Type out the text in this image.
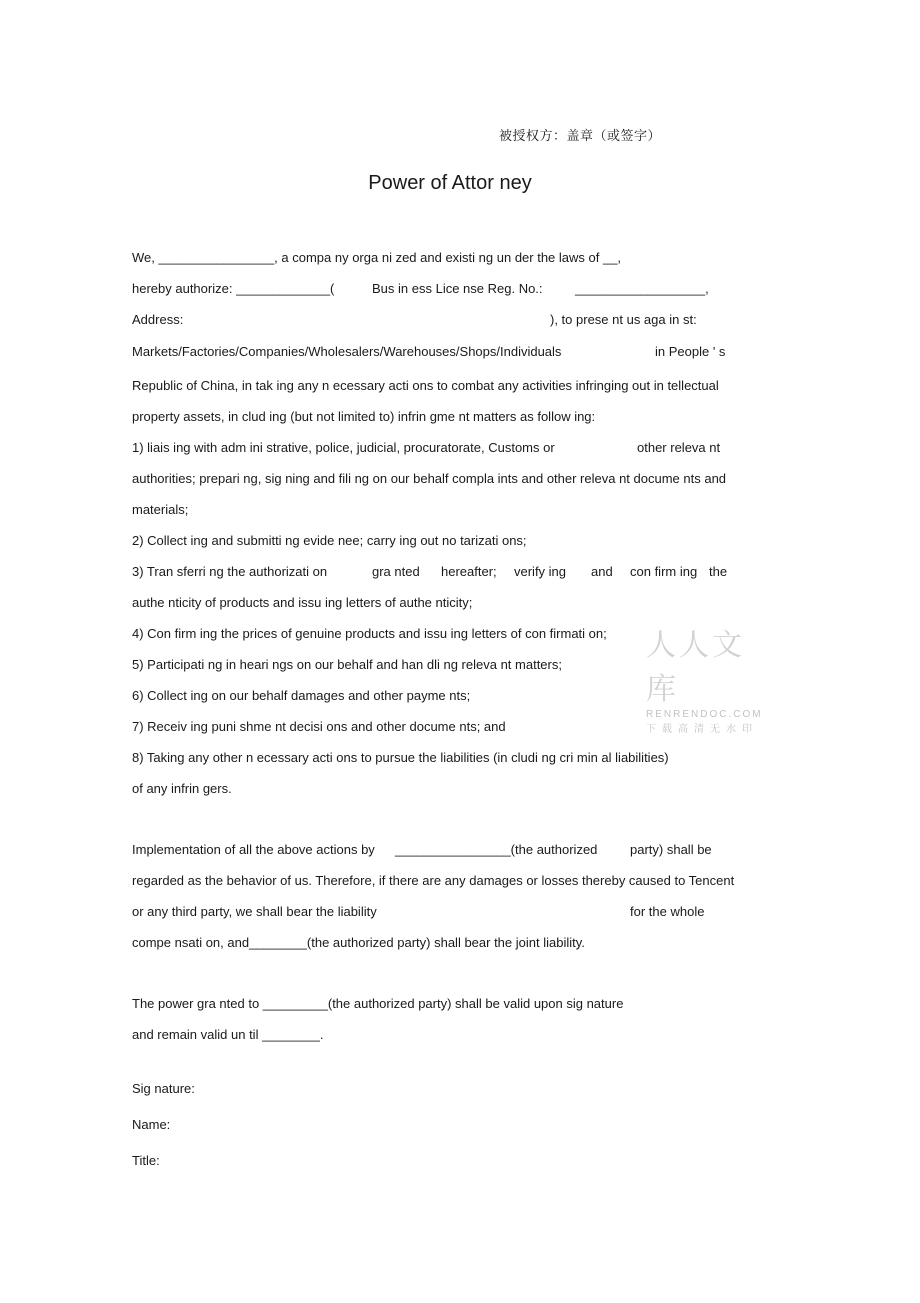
被授权方：盖章（或签字）
Power of Attor ney
We, ________________, a compa ny orga ni zed and existi ng un der the laws of __,
hereby authorize: _____________(	Bus in ess Lice nse Reg. No.: __________________,
Address:	), to prese nt us aga in st:
Markets/Factories/Companies/Wholesalers/Warehouses/Shops/Individuals	in People ' s
Republic of China, in tak ing any n ecessary acti ons to combat any activities infringing out in tellectual
property assets, in clud ing (but not limited to) infrin gme nt matters as follow ing:
1) liais ing with adm ini strative, police, judicial, procuratorate, Customs or	other releva nt
authorities; prepari ng, sig ning and fili ng on our behalf compla ints and other releva nt docume nts and
materials;
2) Collect ing and submitti ng evide nee; carry ing out no tarizati ons;
3) Tran sferri ng the authorizati on	gra nted hereafter; verify ing and con firm ing the
authe nticity of products and issu ing letters of authe nticity;
4) Con firm ing the prices of genuine products and issu ing letters of con firmati on;
5) Participati ng in heari ngs on our behalf and han dli ng releva nt matters;
6) Collect ing on our behalf damages and other payme nts;
7) Receiv ing puni shme nt decisi ons and other docume nts; and
8) Taking any other n ecessary acti ons to pursue the liabilities (in cludi ng cri min al liabilities)
of any infrin gers.
Implementation of all the above actions by ________________(the authorized	party) shall be
regarded as the behavior of us. Therefore, if there are any damages or losses thereby caused to Tencent
or any third party, we shall bear the liability	for the whole
compe nsati on, and________(the authorized party) shall bear the joint liability.
The power gra nted to _________(the authorized party) shall be valid upon sig nature
and remain valid un til ________.
Sig nature:
Name:
Title:
人人文库
RENRENDOC.COM
下载高清无水印
